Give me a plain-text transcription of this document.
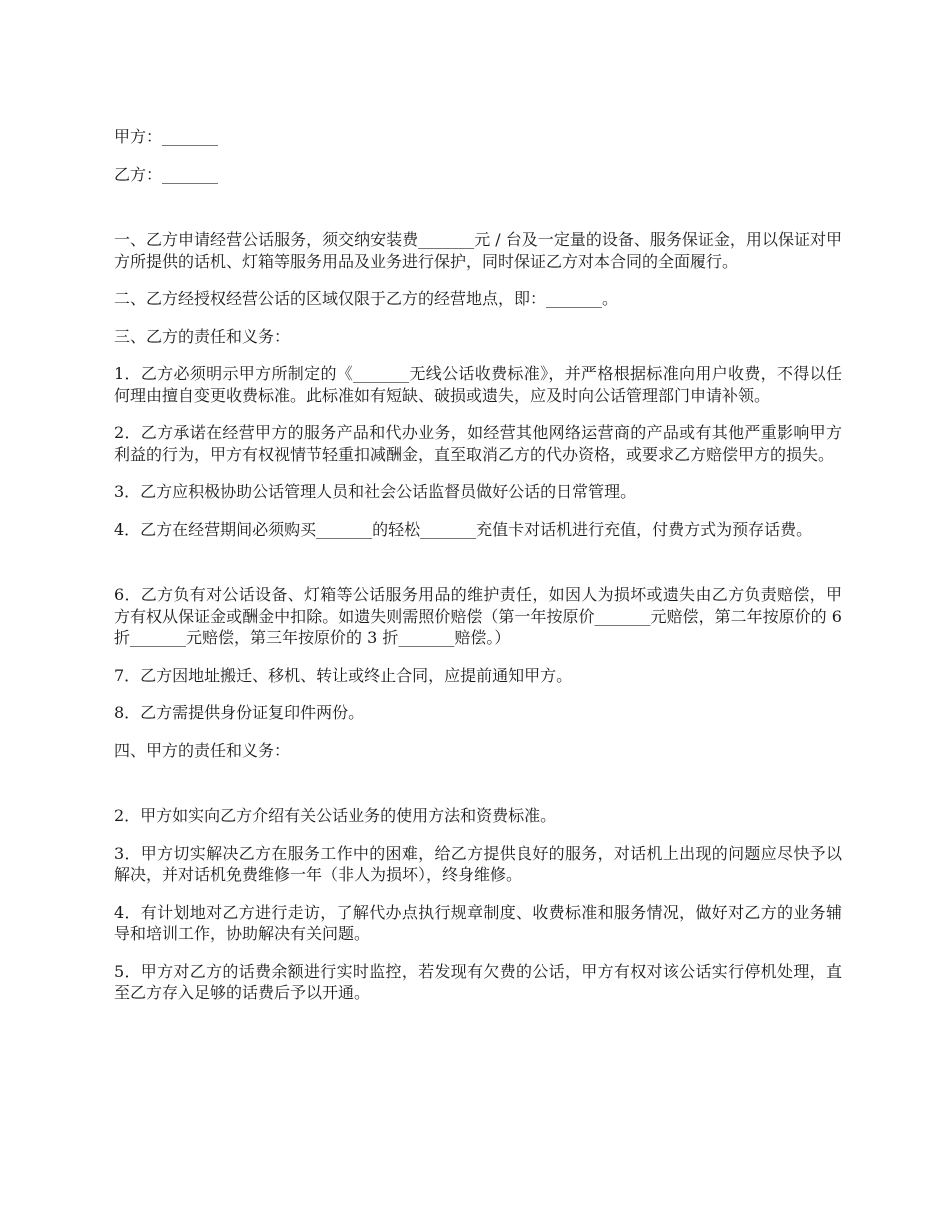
甲方：_______

乙方：_______

一、乙方申请经营公话服务，须交纳安装费_______元 / 台及一定量的设备、服务保证金，用以保证对甲方所提供的话机、灯箱等服务用品及业务进行保护，同时保证乙方对本合同的全面履行。

二、乙方经授权经营公话的区域仅限于乙方的经营地点，即：_______。

三、乙方的责任和义务：

1．乙方必须明示甲方所制定的《_______无线公话收费标准》，并严格根据标准向用户收费，不得以任何理由擅自变更收费标准。此标准如有短缺、破损或遗失，应及时向公话管理部门申请补领。

2．乙方承诺在经营甲方的服务产品和代办业务，如经营其他网络运营商的产品或有其他严重影响甲方利益的行为，甲方有权视情节轻重扣减酬金，直至取消乙方的代办资格，或要求乙方赔偿甲方的损失。

3．乙方应积极协助公话管理人员和社会公话监督员做好公话的日常管理。

4．乙方在经营期间必须购买_______的轻松_______充值卡对话机进行充值，付费方式为预存话费。

6．乙方负有对公话设备、灯箱等公话服务用品的维护责任，如因人为损坏或遗失由乙方负责赔偿，甲方有权从保证金或酬金中扣除。如遗失则需照价赔偿（第一年按原价_______元赔偿，第二年按原价的 6 折_______元赔偿，第三年按原价的 3 折_______赔偿。）

7．乙方因地址搬迁、移机、转让或终止合同，应提前通知甲方。

8．乙方需提供身份证复印件两份。

四、甲方的责任和义务：

2．甲方如实向乙方介绍有关公话业务的使用方法和资费标准。

3．甲方切实解决乙方在服务工作中的困难，给乙方提供良好的服务，对话机上出现的问题应尽快予以解决，并对话机免费维修一年（非人为损坏），终身维修。

4．有计划地对乙方进行走访，了解代办点执行规章制度、收费标准和服务情况，做好对乙方的业务辅导和培训工作，协助解决有关问题。

5．甲方对乙方的话费余额进行实时监控，若发现有欠费的公话，甲方有权对该公话实行停机处理，直至乙方存入足够的话费后予以开通。
